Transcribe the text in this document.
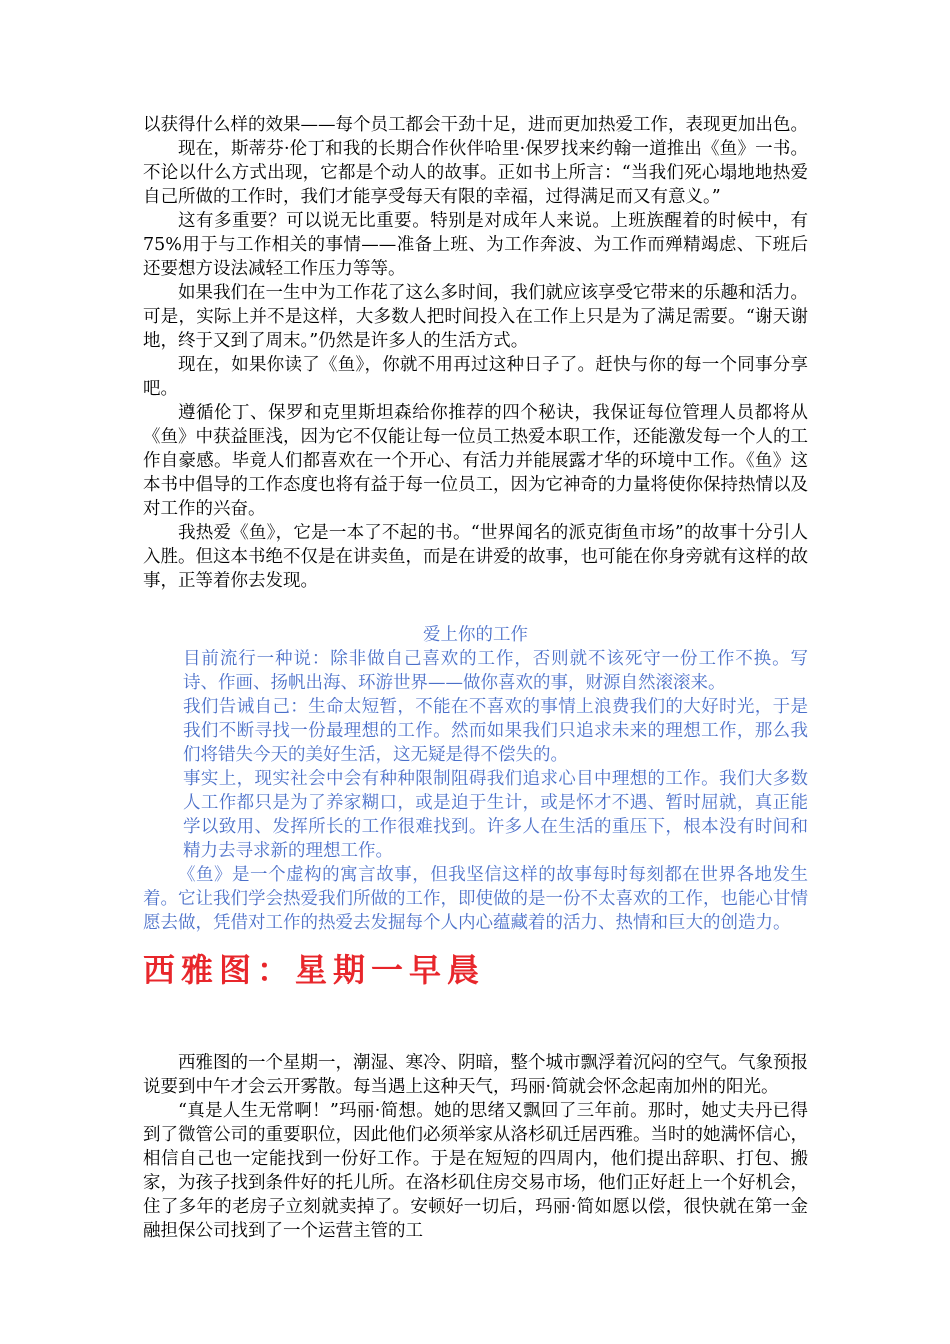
以获得什么样的效果——每个员工都会干劲十足，进而更加热爱工作，表现更加出色。

现在，斯蒂芬·伦丁和我的长期合作伙伴哈里·保罗找来约翰一道推出《鱼》一书。不论以什么方式出现，它都是个动人的故事。正如书上所言：“当我们死心塌地地热爱自己所做的工作时，我们才能享受每天有限的幸福，过得满足而又有意义。”

这有多重要？可以说无比重要。特别是对成年人来说。上班族醒着的时候中，有75%用于与工作相关的事情——准备上班、为工作奔波、为工作而殚精竭虑、下班后还要想方设法减轻工作压力等等。

如果我们在一生中为工作花了这么多时间，我们就应该享受它带来的乐趣和活力。可是，实际上并不是这样，大多数人把时间投入在工作上只是为了满足需要。“谢天谢地，终于又到了周末。”仍然是许多人的生活方式。

现在，如果你读了《鱼》，你就不用再过这种日子了。赶快与你的每一个同事分享吧。

遵循伦丁、保罗和克里斯坦森给你推荐的四个秘诀，我保证每位管理人员都将从《鱼》中获益匪浅，因为它不仅能让每一位员工热爱本职工作，还能激发每一个人的工作自豪感。毕竟人们都喜欢在一个开心、有活力并能展露才华的环境中工作。《鱼》这本书中倡导的工作态度也将有益于每一位员工，因为它神奇的力量将使你保持热情以及对工作的兴奋。

我热爱《鱼》，它是一本了不起的书。“世界闻名的派克街鱼市场”的故事十分引人入胜。但这本书绝不仅是在讲卖鱼，而是在讲爱的故事，也可能在你身旁就有这样的故事，正等着你去发现。

爱上你的工作

目前流行一种说：除非做自己喜欢的工作，否则就不该死守一份工作不换。写诗、作画、扬帆出海、环游世界——做你喜欢的事，财源自然滚滚来。

我们告诫自己：生命太短暂，不能在不喜欢的事情上浪费我们的大好时光，于是我们不断寻找一份最理想的工作。然而如果我们只追求未来的理想工作，那么我们将错失今天的美好生活，这无疑是得不偿失的。

事实上，现实社会中会有种种限制阻碍我们追求心目中理想的工作。我们大多数人工作都只是为了养家糊口，或是迫于生计，或是怀才不遇、暂时屈就，真正能学以致用、发挥所长的工作很难找到。许多人在生活的重压下，根本没有时间和精力去寻求新的理想工作。

《鱼》是一个虚构的寓言故事，但我坚信这样的故事每时每刻都在世界各地发生着。它让我们学会热爱我们所做的工作，即使做的是一份不太喜欢的工作，也能心甘情愿去做，凭借对工作的热爱去发掘每个人内心蕴藏着的活力、热情和巨大的创造力。

西雅图：星期一早晨

西雅图的一个星期一，潮湿、寒冷、阴暗，整个城市飘浮着沉闷的空气。气象预报说要到中午才会云开雾散。每当遇上这种天气，玛丽·简就会怀念起南加州的阳光。

“真是人生无常啊！”玛丽·简想。她的思绪又飘回了三年前。那时，她丈夫丹已得到了微管公司的重要职位，因此他们必须举家从洛杉矶迁居西雅。当时的她满怀信心，相信自己也一定能找到一份好工作。于是在短短的四周内，他们提出辞职、打包、搬家，为孩子找到条件好的托儿所。在洛杉矶住房交易市场，他们正好赶上一个好机会，住了多年的老房子立刻就卖掉了。安顿好一切后，玛丽·简如愿以偿，很快就在第一金融担保公司找到了一个运营主管的工
